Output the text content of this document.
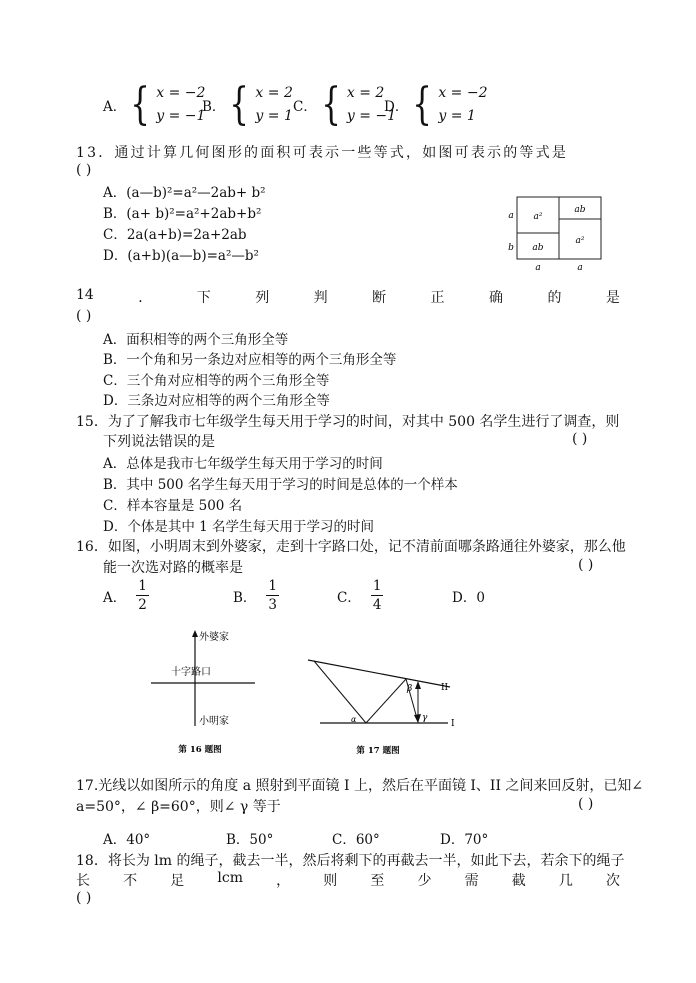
A． { x = −2
y = −1
B． { x = 2
y = 1
C． { x = 2
y = −1
D． { x = −2
y = 1
13．通过计算几何图形的面积可表示一些等式，如图可表示的等式是
( )
A．(a—b)²=a²—2ab+ b²
B．(a+ b)²=a²+2ab+b²
C．2a(a+b)=2a+2ab
D．(a+b)(a—b)=a²—b²
a²
ab
ab
a²
a
b
a	a
14	．	下	列	判	断	正	确	的	是
( )
A．面积相等的两个三角形全等
B．一个角和另一条边对应相等的两个三角形全等
C．三个角对应相等的两个三角形全等
D．三条边对应相等的两个三角形全等
15．为了了解我市七年级学生每天用于学习的时间，对其中 500 名学生进行了调查，则
下列说法错误的是	( )
A．总体是我市七年级学生每天用于学习的时间
B．其中 500 名学生每天用于学习的时间是总体的一个样本
C．样本容量是 500 名
D．个体是其中 1 名学生每天用于学习的时间
16．如图，小明周末到外婆家，走到十字路口处，记不清前面哪条路通往外婆家，那么他
能一次选对路的概率是	( )
A． $\frac{1}{2}$	B． $\frac{1}{3}$	C． $\frac{1}{4}$	D．0
外婆家
十字路口
小明家
第 16 题图
α
β
γ
II
I
第 17 题图
17.光线以如图所示的角度 a 照射到平面镜 I 上，然后在平面镜 I、II 之间来回反射，已知∠
a=50°，∠ β=60°，则∠ γ 等于	( )
A．40°	B．50°	C．60°	D．70°
18．将长为 lm 的绳子，截去一半，然后将剩下的再截去一半，如此下去，若余下的绳子
长 不 足 lcm ， 则 至 少 需 截 几 次
( )
